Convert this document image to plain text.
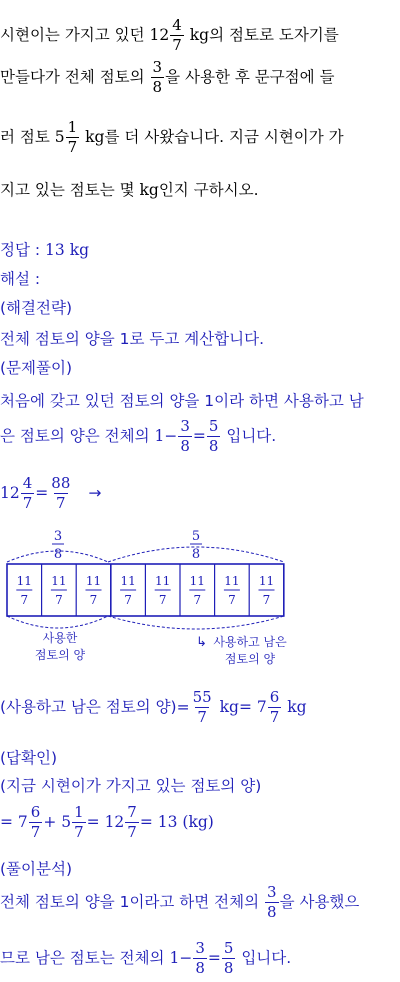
시현이는 가지고 있던 $12 \frac{4}{7}$ kg의 점토로 도자기를
만들다가 전체 점토의 $\frac{3}{8}$ 을 사용한 후 문구점에 들
러 점토 $5 \frac{1}{7}$ kg를 더 사왔습니다. 지금 시현이가 가
지고 있는 점토는 몇 kg인지 구하시오.
정답 : 13 kg
해설 :
(해결전략)
전체 점토의 양을 1로 두고 계산합니다.
(문제풀이)
처음에 갖고 있던 점토의 양을 1이라 하면 사용하고 남
은 점토의 양은 전체의 $1- \frac{3}{8} = \frac{5}{8}$ 입니다.
$12 \frac{4}{7} = \frac{88}{7}$ →
3
8
5
8
11
7
11
7
11
7
11
7
11
7
11
7
11
7
11
7
사용한
점토의 양
↳ 사용하고 남은
점토의 양
(사용하고 남은 점토의 양)= $\frac{55}{7} kg= 7 \frac{6}{7}$ kg
(답확인)
(지금 시현이가 가지고 있는 점토의 양)
= $7 \frac{6}{7} + 5 \frac{1}{7} = 12 \frac{7}{7} = 13$ (kg)
(풀이분석)
전체 점토의 양을 1이라고 하면 전체의 $\frac{3}{8}$ 을 사용했으
므로 남은 점토는 전체의 $1- \frac{3}{8} = \frac{5}{8}$ 입니다.
